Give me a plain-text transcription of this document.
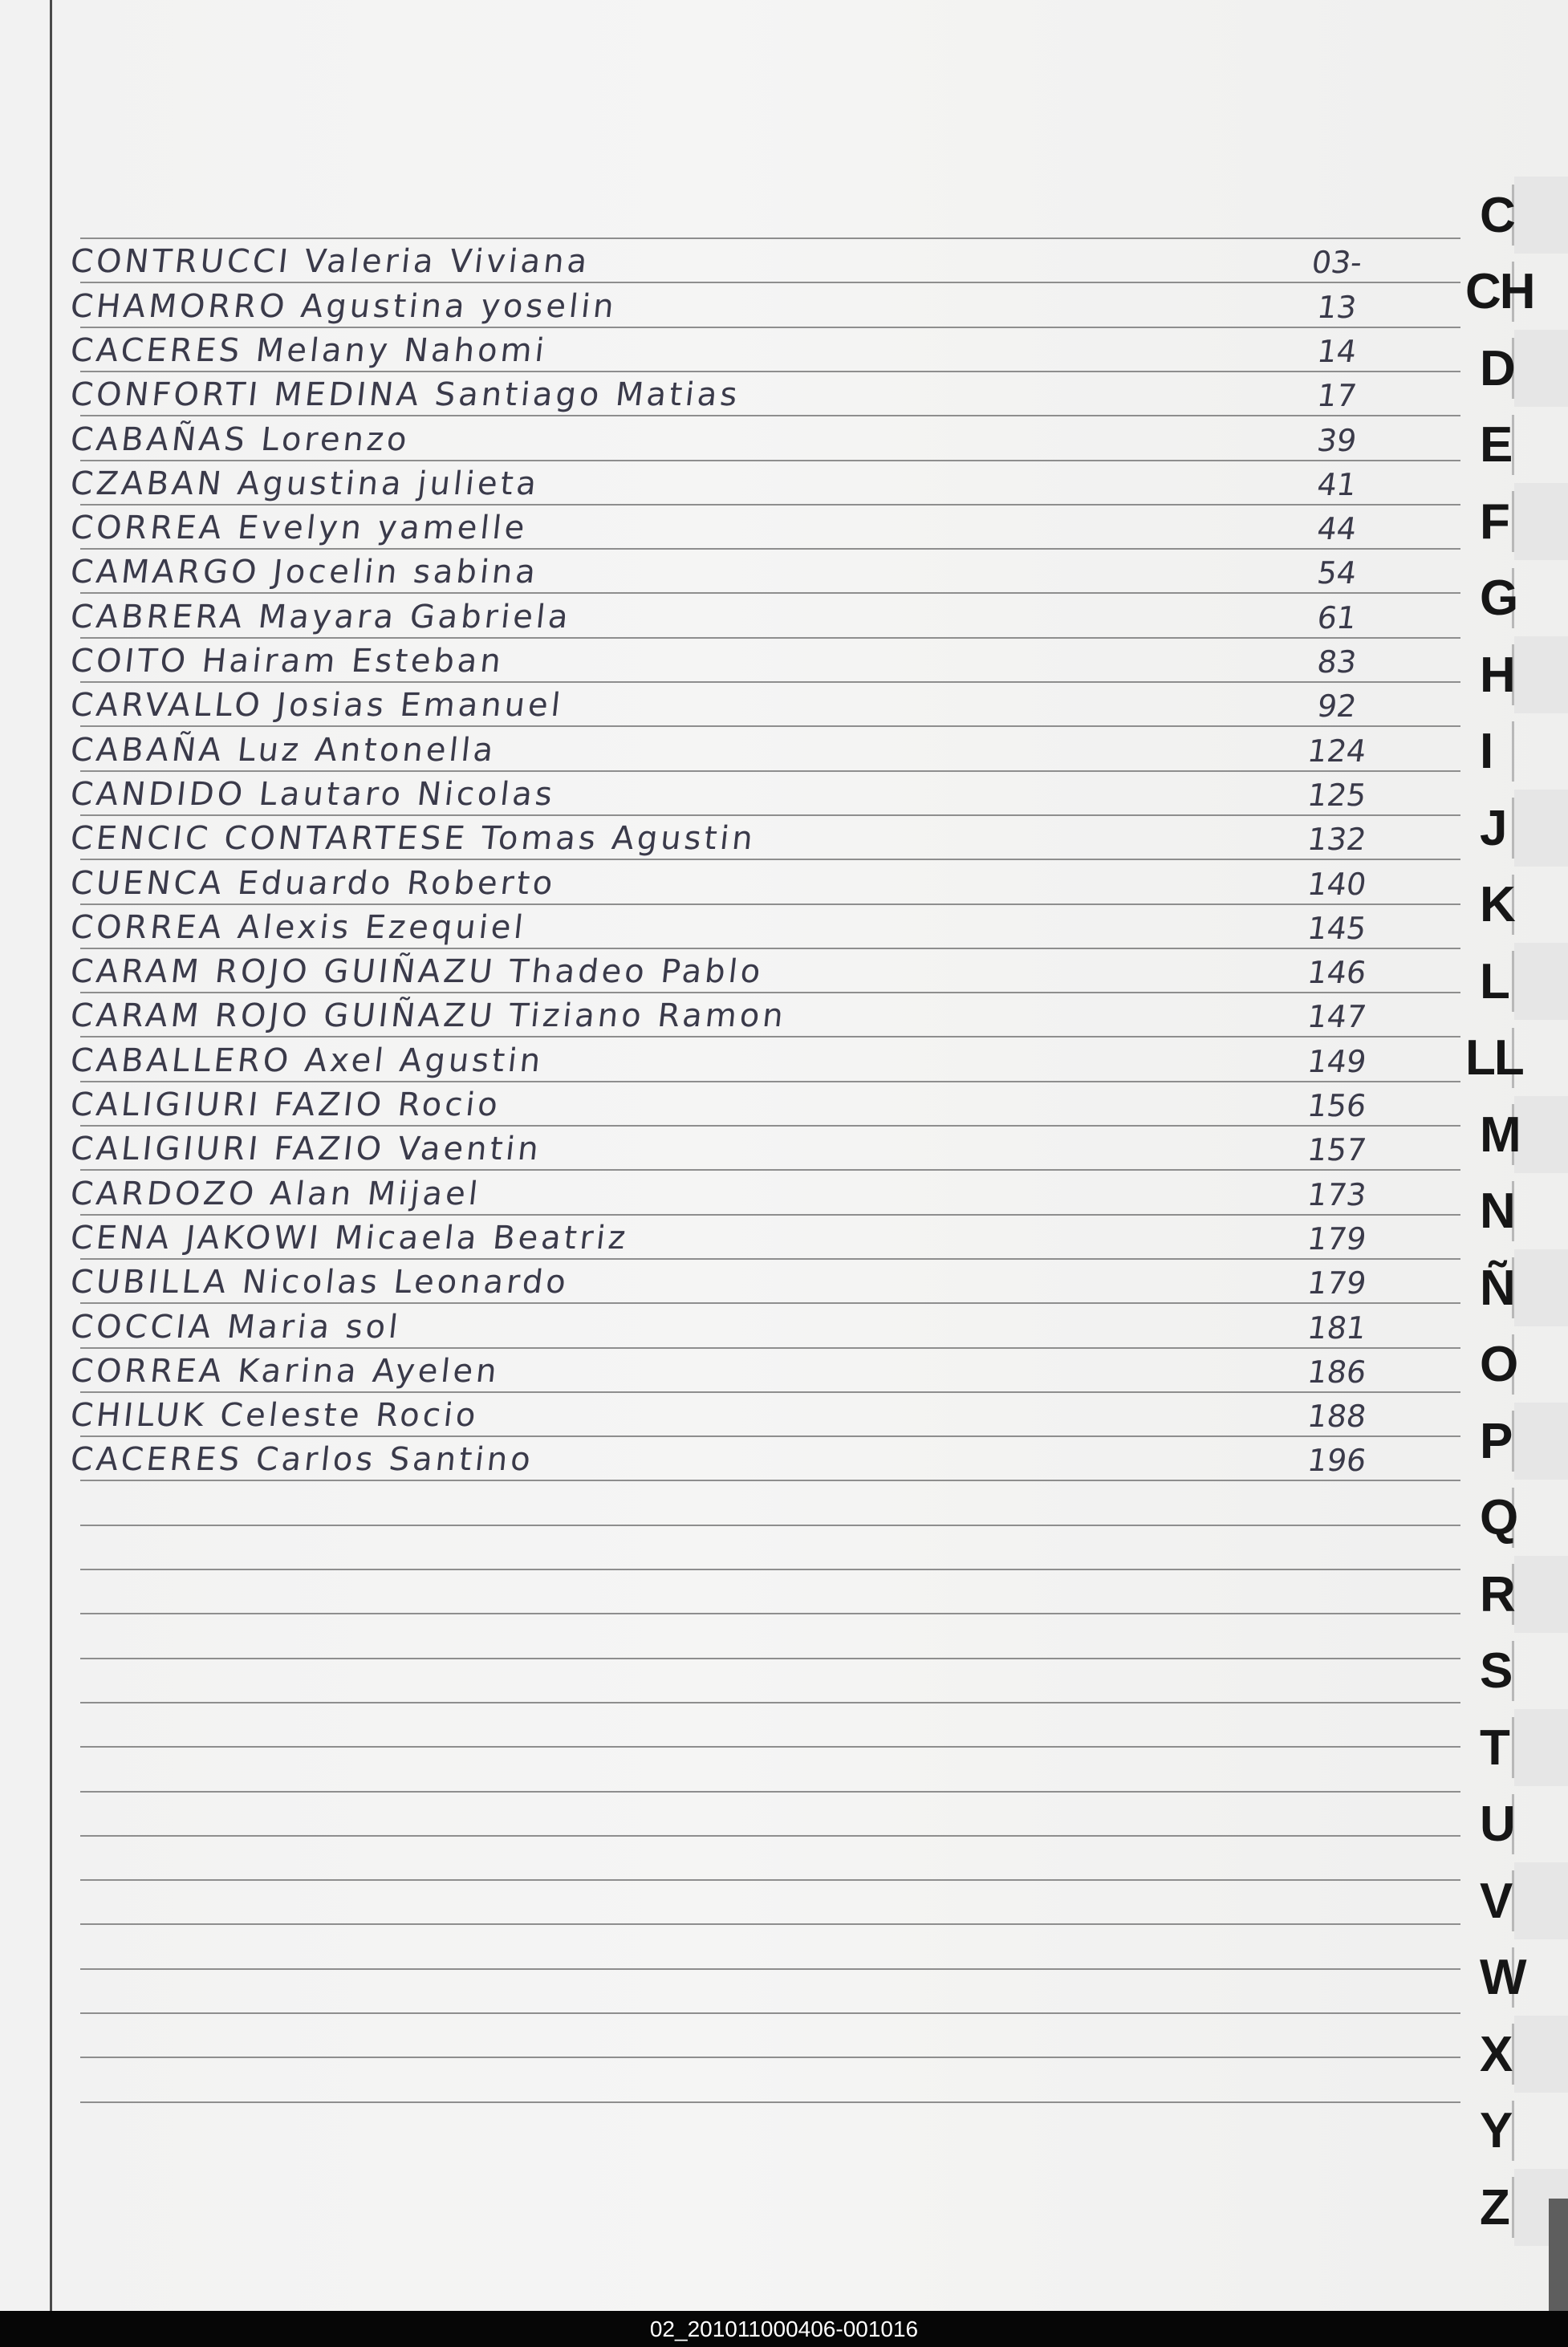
CONTRUCCI Valeria Viviana	03-
CHAMORRO Agustina yoselin	13
CACERES Melany Nahomi	14
CONFORTI MEDINA Santiago Matias	17
CABAÑAS Lorenzo	39
CZABAN Agustina julieta	41
CORREA Evelyn yamelle	44
CAMARGO Jocelin sabina	54
CABRERA Mayara Gabriela	61
COITO Hairam Esteban	83
CARVALLO Josias Emanuel	92
CABAÑA Luz Antonella	124
CANDIDO Lautaro Nicolas	125
CENCIC CONTARTESE Tomas Agustin	132
CUENCA Eduardo Roberto	140
CORREA Alexis Ezequiel	145
CARAM ROJO GUIÑAZU Thadeo Pablo	146
CARAM ROJO GUIÑAZU Tiziano Ramon	147
CABALLERO Axel Agustin	149
CALIGIURI FAZIO Rocio	156
CALIGIURI FAZIO Vaentin	157
CARDOZO Alan Mijael	173
CENA JAKOWI Micaela Beatriz	179
CUBILLA Nicolas Leonardo	179
COCCIA Maria sol	181
CORREA Karina Ayelen	186
CHILUK Celeste Rocio	188
CACERES Carlos Santino	196
C
CH
D
E
F
G
H
I
J
K
L
LL
M
N
Ñ
O
P
Q
R
S
T
U
V
W
X
Y
Z
02_201011000406-001016
